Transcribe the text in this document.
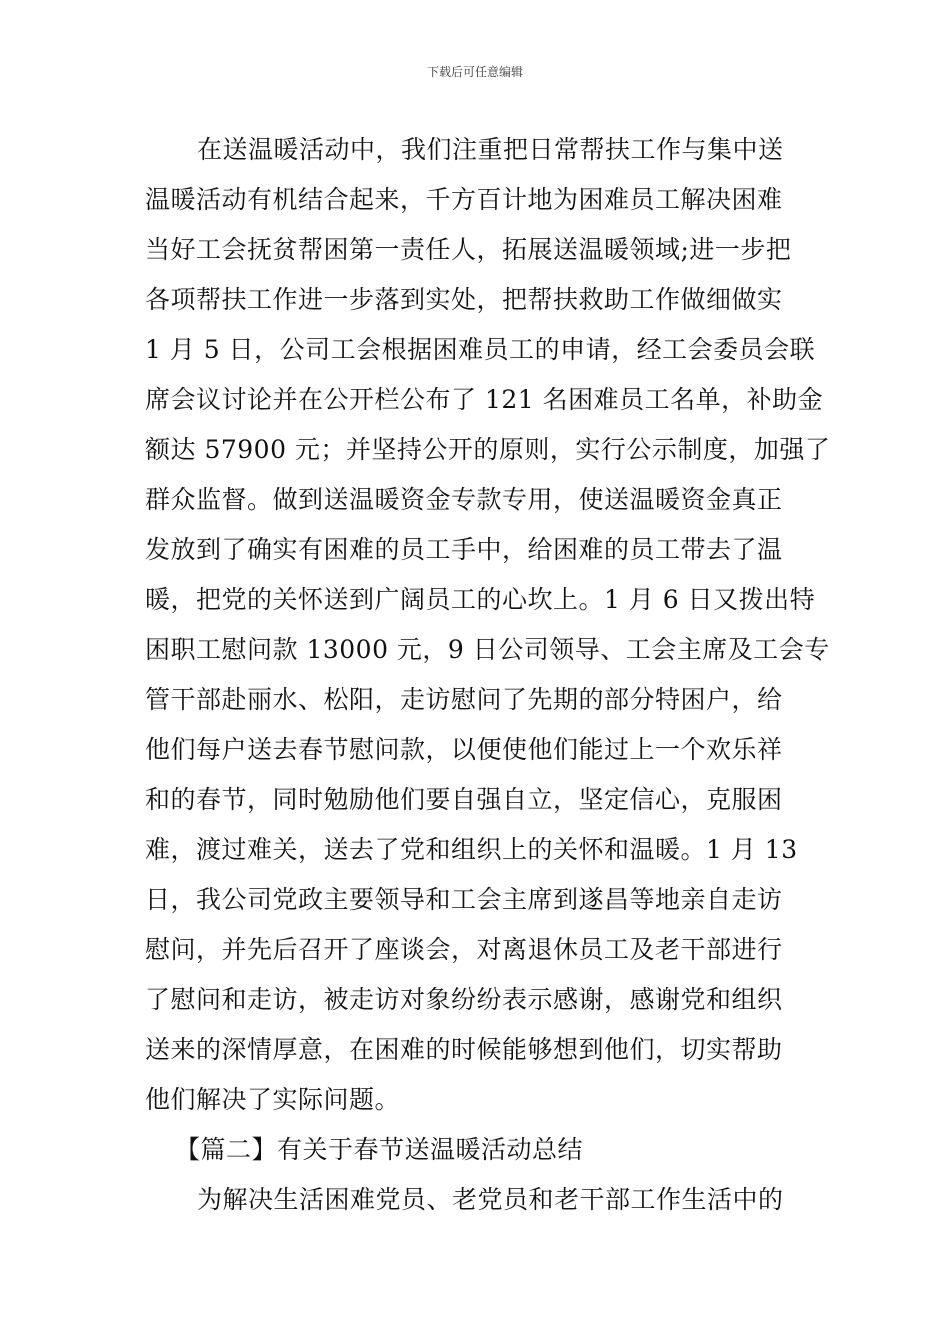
下载后可任意编辑
在送温暖活动中，我们注重把日常帮扶工作与集中送
温暖活动有机结合起来，千方百计地为困难员工解决困难
当好工会抚贫帮困第一责任人，拓展送温暖领域;进一步把
各项帮扶工作进一步落到实处，把帮扶救助工作做细做实
1 月 5 日，公司工会根据困难员工的申请，经工会委员会联
席会议讨论并在公开栏公布了 121 名困难员工名单，补助金
额达 57900 元；并坚持公开的原则，实行公示制度，加强了
群众监督。做到送温暖资金专款专用，使送温暖资金真正
发放到了确实有困难的员工手中，给困难的员工带去了温
暖，把党的关怀送到广阔员工的心坎上。1 月 6 日又拨出特
困职工慰问款 13000 元，9 日公司领导、工会主席及工会专
管干部赴丽水、松阳，走访慰问了先期的部分特困户，给
他们每户送去春节慰问款，以便使他们能过上一个欢乐祥
和的春节，同时勉励他们要自强自立，坚定信心，克服困
难，渡过难关，送去了党和组织上的关怀和温暖。1 月 13
日，我公司党政主要领导和工会主席到遂昌等地亲自走访
慰问，并先后召开了座谈会，对离退休员工及老干部进行
了慰问和走访，被走访对象纷纷表示感谢，感谢党和组织
送来的深情厚意，在困难的时候能够想到他们，切实帮助
他们解决了实际问题。
【篇二】有关于春节送温暖活动总结
为解决生活困难党员、老党员和老干部工作生活中的
